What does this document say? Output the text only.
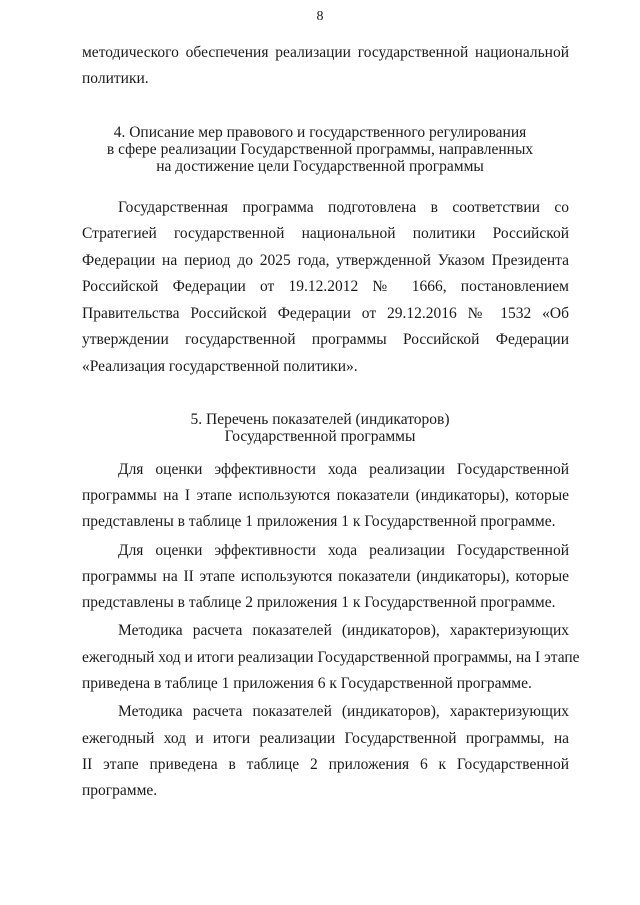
8
методического обеспечения реализации государственной национальной
политики.
4. Описание мер правового и государственного регулирования
в сфере реализации Государственной программы, направленных
на достижение цели Государственной программы
Государственная программа подготовлена в соответствии со
Стратегией государственной национальной политики Российской
Федерации на период до 2025 года, утвержденной Указом Президента
Российской Федерации от 19.12.2012 № 1666, постановлением
Правительства Российской Федерации от 29.12.2016 № 1532 «Об
утверждении государственной программы Российской Федерации
«Реализация государственной политики».
5. Перечень показателей (индикаторов)
Государственной программы
Для оценки эффективности хода реализации Государственной
программы на I этапе используются показатели (индикаторы), которые
представлены в таблице 1 приложения 1 к Государственной программе.
Для оценки эффективности хода реализации Государственной
программы на II этапе используются показатели (индикаторы), которые
представлены в таблице 2 приложения 1 к Государственной программе.
Методика расчета показателей (индикаторов), характеризующих
ежегодный ход и итоги реализации Государственной программы, на I этапе
приведена в таблице 1 приложения 6 к Государственной программе.
Методика расчета показателей (индикаторов), характеризующих
ежегодный ход и итоги реализации Государственной программы, на
II этапе приведена в таблице 2 приложения 6 к Государственной
программе.
